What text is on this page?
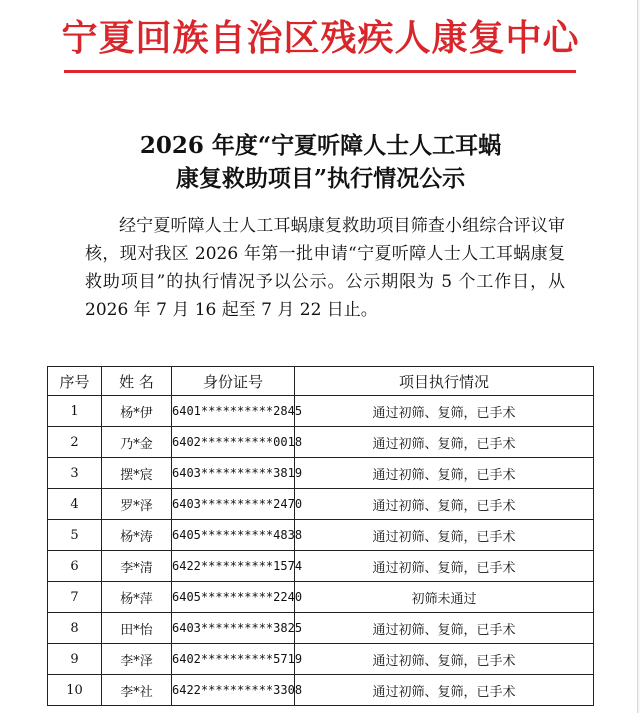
宁夏回族自治区残疾人康复中心
2026 年度“宁夏听障人士人工耳蜗
康复救助项目”执行情况公示

经宁夏听障人士人工耳蜗康复救助项目筛查小组综合评议审核，现对我区 2026 年第一批申请“宁夏听障人士人工耳蜗康复救助项目”的执行情况予以公示。公示期限为 5 个工作日，从 2026 年 7 月 16 起至 7 月 22 日止。

序号	姓 名	身份证号	项目执行情况
1	杨*伊	6401**********2845	通过初筛、复筛，已手术
2	乃*金	6402**********0018	通过初筛、复筛，已手术
3	摆*宸	6403**********3819	通过初筛、复筛，已手术
4	罗*泽	6403**********2470	通过初筛、复筛，已手术
5	杨*涛	6405**********4838	通过初筛、复筛，已手术
6	李*清	6422**********1574	通过初筛、复筛，已手术
7	杨*萍	6405**********2240	初筛未通过
8	田*怡	6403**********3825	通过初筛、复筛，已手术
9	李*泽	6402**********5719	通过初筛、复筛，已手术
10	李*社	6422**********3308	通过初筛、复筛，已手术
